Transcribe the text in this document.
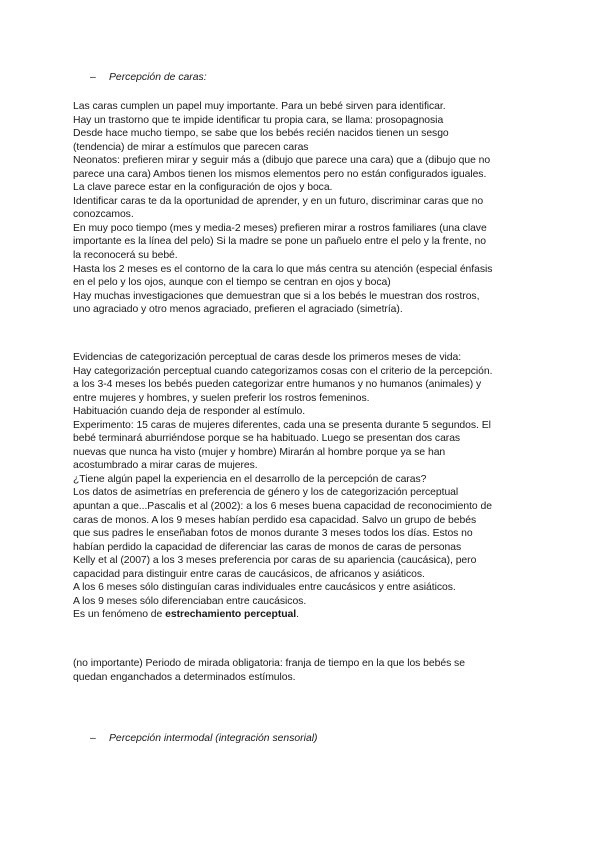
– Percepción de caras:
Las caras cumplen un papel muy importante. Para un bebé sirven para identificar.
Hay un trastorno que te impide identificar tu propia cara, se llama: prosopagnosia
Desde hace mucho tiempo, se sabe que los bebés recién nacidos tienen un sesgo
(tendencia) de mirar a estímulos que parecen caras
Neonatos: prefieren mirar y seguir más a (dibujo que parece una cara) que a (dibujo que no
parece una cara) Ambos tienen los mismos elementos pero no están configurados iguales.
La clave parece estar en la configuración de ojos y boca.
Identificar caras te da la oportunidad de aprender, y en un futuro, discriminar caras que no
conozcamos.
En muy poco tiempo (mes y media-2 meses) prefieren mirar a rostros familiares (una clave
importante es la línea del pelo) Si la madre se pone un pañuelo entre el pelo y la frente, no
la reconocerá su bebé.
Hasta los 2 meses es el contorno de la cara lo que más centra su atención (especial énfasis
en el pelo y los ojos, aunque con el tiempo se centran en ojos y boca)
Hay muchas investigaciones que demuestran que si a los bebés le muestran dos rostros,
uno agraciado y otro menos agraciado, prefieren el agraciado (simetría).
Evidencias de categorización perceptual de caras desde los primeros meses de vida:
Hay categorización perceptual cuando categorizamos cosas con el criterio de la percepción.
a los 3-4 meses los bebés pueden categorizar entre humanos y no humanos (animales) y
entre mujeres y hombres, y suelen preferir los rostros femeninos.
Habituación cuando deja de responder al estímulo.
Experimento: 15 caras de mujeres diferentes, cada una se presenta durante 5 segundos. El
bebé terminará aburriéndose porque se ha habituado. Luego se presentan dos caras
nuevas que nunca ha visto (mujer y hombre) Mirarán al hombre porque ya se han
acostumbrado a mirar caras de mujeres.
¿Tiene algún papel la experiencia en el desarrollo de la percepción de caras?
Los datos de asimetrías en preferencia de género y los de categorización perceptual
apuntan a que...Pascalis et al (2002): a los 6 meses buena capacidad de reconocimiento de
caras de monos. A los 9 meses habían perdido esa capacidad. Salvo un grupo de bebés
que sus padres le enseñaban fotos de monos durante 3 meses todos los días. Estos no
habían perdido la capacidad de diferenciar las caras de monos de caras de personas
Kelly et al (2007) a los 3 meses preferencia por caras de su apariencia (caucásica), pero
capacidad para distinguir entre caras de caucásicos, de africanos y asiáticos.
A los 6 meses sólo distinguían caras individuales entre caucásicos y entre asiáticos.
A los 9 meses sólo diferenciaban entre caucásicos.
Es un fenómeno de estrechamiento perceptual.
(no importante) Periodo de mirada obligatoria: franja de tiempo en la que los bebés se
quedan enganchados a determinados estímulos.
– Percepción intermodal (integración sensorial)
